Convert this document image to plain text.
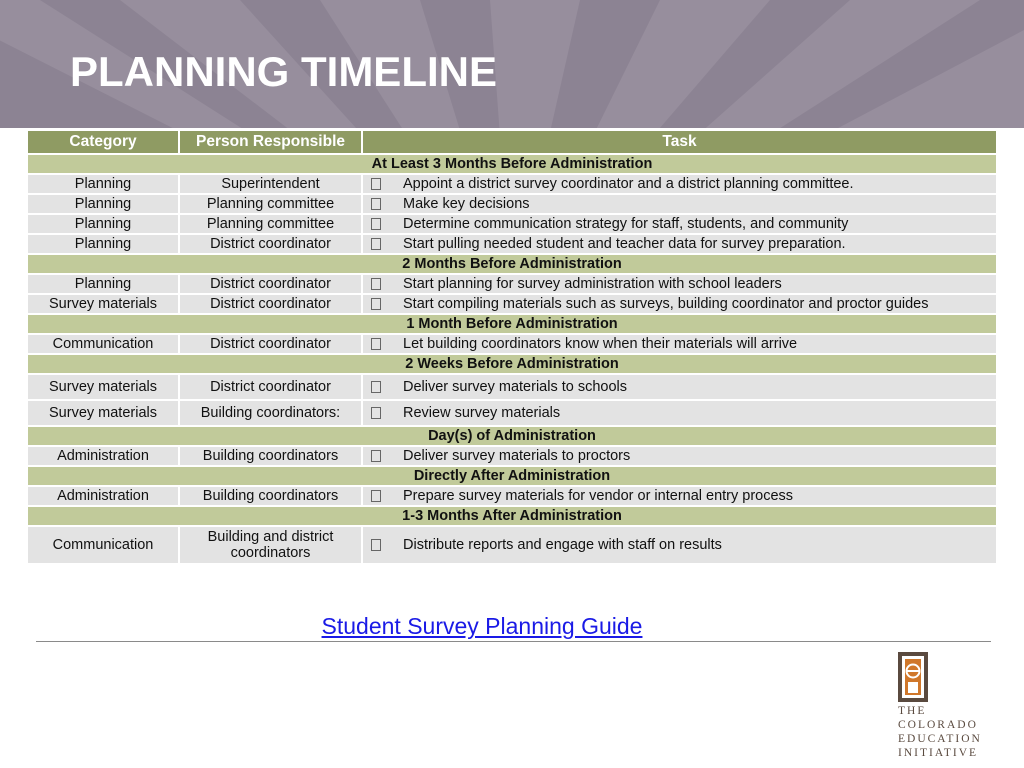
PLANNING TIMELINE
Category	Person Responsible	Task
At Least 3 Months Before Administration		
Planning	Superintendent	Appoint a district survey coordinator and a district planning committee.
Planning	Planning committee	Make key decisions
Planning	Planning committee	Determine communication strategy for staff, students, and community
Planning	District coordinator	Start pulling needed student and teacher data for survey preparation.
2 Months Before Administration		
Planning	District coordinator	Start planning for survey administration with school leaders
Survey materials	District coordinator	Start compiling materials such as surveys, building coordinator and proctor guides
1 Month Before Administration		
Communication	District coordinator	Let building coordinators know when their materials will arrive
2 Weeks Before Administration		
Survey materials	District coordinator	Deliver survey materials to schools
Survey materials	Building coordinators:	Review survey materials
Day(s) of Administration		
Administration	Building coordinators	Deliver survey materials to proctors
Directly After Administration		
Administration	Building coordinators	Prepare survey materials for vendor or internal entry process
1-3 Months After Administration		
Communication	Building and district coordinators	Distribute reports and engage with staff on results
Student Survey Planning Guide
THE
COLORADO
EDUCATION
INITIATIVE
